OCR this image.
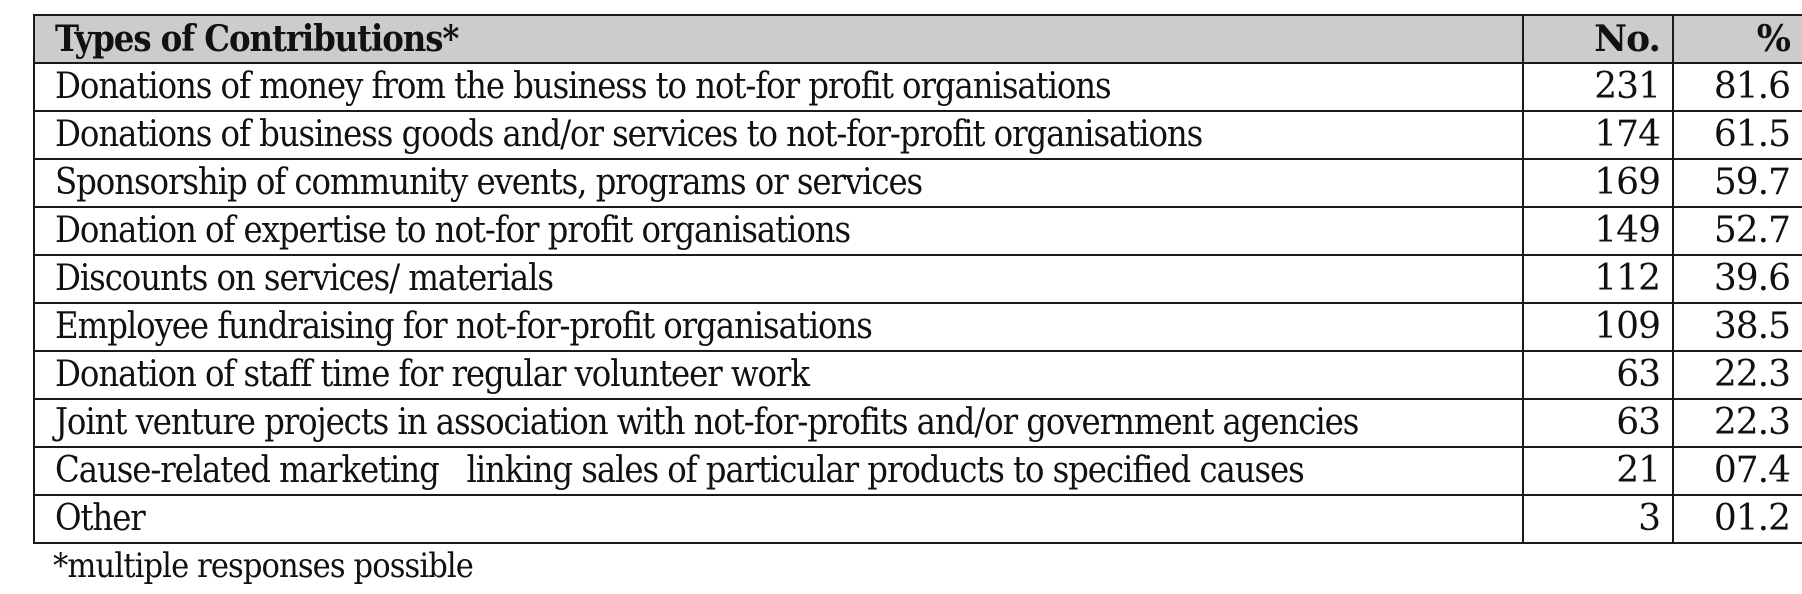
Types of Contributions*	No.	%
Donations of money from the business to not-for profit organisations	231	81.6
Donations of business goods and/or services to not-for-profit organisations	174	61.5
Sponsorship of community events, programs or services	169	59.7
Donation of expertise to not-for profit organisations	149	52.7
Discounts on services/ materials	112	39.6
Employee fundraising for not-for-profit organisations	109	38.5
Donation of staff time for regular volunteer work	63	22.3
Joint venture projects in association with not-for-profits and/or government agencies	63	22.3
Cause-related marketing   linking sales of particular products to specified causes	21	07.4
Other	3	01.2
*multiple responses possible
